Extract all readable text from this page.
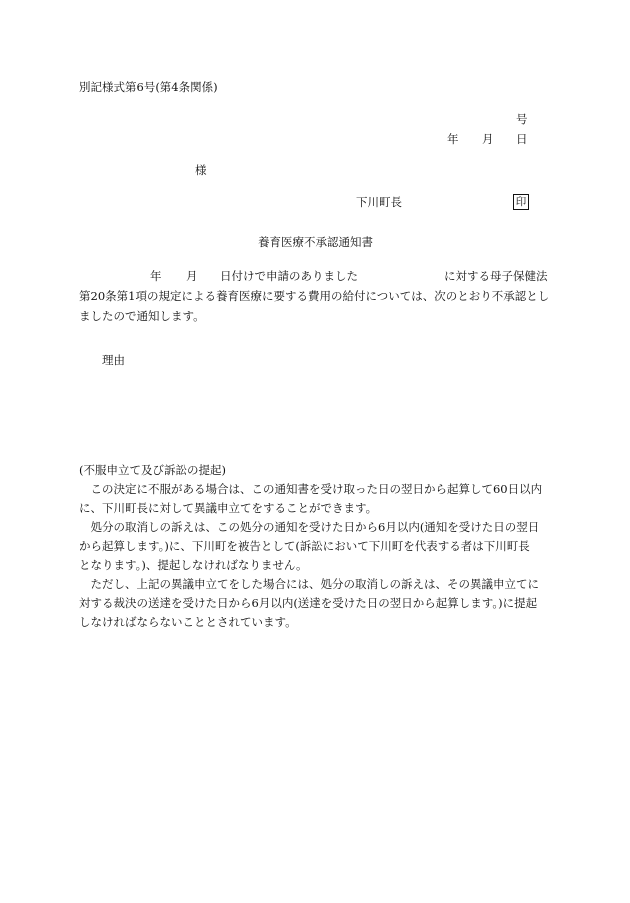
別記様式第6号(第4条関係)
号
年 月 日
様
下川町長	印
養育医療不承認通知書
年 月 日付けで申請のありました	に対する母子保健法
第20条第1項の規定による養育医療に要する費用の給付については、次のとおり不承認とし
ましたので通知します。
理由
(不服申立て及び訴訟の提起)
　この決定に不服がある場合は、この通知書を受け取った日の翌日から起算して60日以内
に、下川町長に対して異議申立てをすることができます。
　処分の取消しの訴えは、この処分の通知を受けた日から6月以内(通知を受けた日の翌日
から起算します。)に、下川町を被告として(訴訟において下川町を代表する者は下川町長
となります。)、提起しなければなりません。
　ただし、上記の異議申立てをした場合には、処分の取消しの訴えは、その異議申立てに
対する裁決の送達を受けた日から6月以内(送達を受けた日の翌日から起算します。)に提起
しなければならないこととされています。
